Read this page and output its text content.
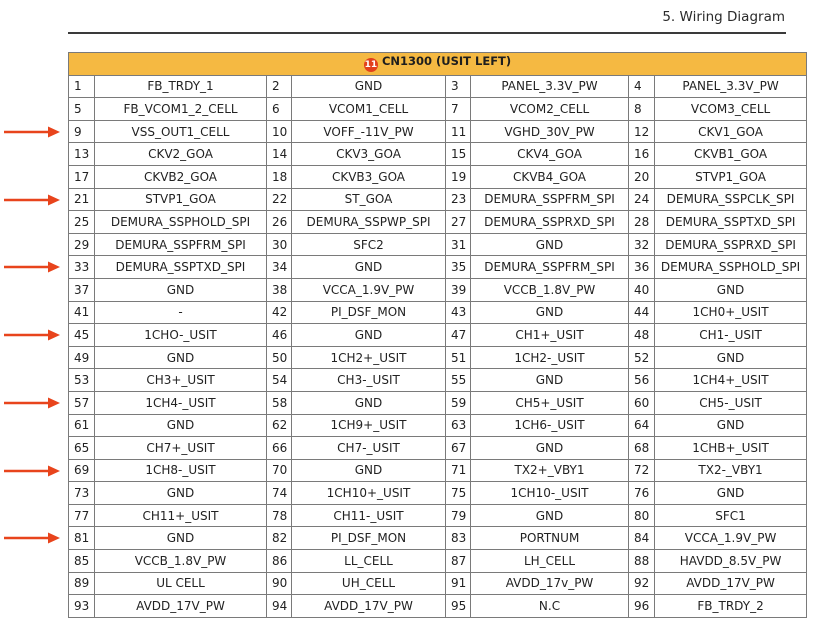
5. Wiring Diagram
11 CN1300 (USIT LEFT)							
1	FB_TRDY_1	2	GND	3	PANEL_3.3V_PW	4	PANEL_3.3V_PW
5	FB_VCOM1_2_CELL	6	VCOM1_CELL	7	VCOM2_CELL	8	VCOM3_CELL
9	VSS_OUT1_CELL	10	VOFF_-11V_PW	11	VGHD_30V_PW	12	CKV1_GOA
13	CKV2_GOA	14	CKV3_GOA	15	CKV4_GOA	16	CKVB1_GOA
17	CKVB2_GOA	18	CKVB3_GOA	19	CKVB4_GOA	20	STVP1_GOA
21	STVP1_GOA	22	ST_GOA	23	DEMURA_SSPFRM_SPI	24	DEMURA_SSPCLK_SPI
25	DEMURA_SSPHOLD_SPI	26	DEMURA_SSPWP_SPI	27	DEMURA_SSPRXD_SPI	28	DEMURA_SSPTXD_SPI
29	DEMURA_SSPFRM_SPI	30	SFC2	31	GND	32	DEMURA_SSPRXD_SPI
33	DEMURA_SSPTXD_SPI	34	GND	35	DEMURA_SSPFRM_SPI	36	DEMURA_SSPHOLD_SPI
37	GND	38	VCCA_1.9V_PW	39	VCCB_1.8V_PW	40	GND
41	-	42	PI_DSF_MON	43	GND	44	1CH0+_USIT
45	1CHO-_USIT	46	GND	47	CH1+_USIT	48	CH1-_USIT
49	GND	50	1CH2+_USIT	51	1CH2-_USIT	52	GND
53	CH3+_USIT	54	CH3-_USIT	55	GND	56	1CH4+_USIT
57	1CH4-_USIT	58	GND	59	CH5+_USIT	60	CH5-_USIT
61	GND	62	1CH9+_USIT	63	1CH6-_USIT	64	GND
65	CH7+_USIT	66	CH7-_USIT	67	GND	68	1CHB+_USIT
69	1CH8-_USIT	70	GND	71	TX2+_VBY1	72	TX2-_VBY1
73	GND	74	1CH10+_USIT	75	1CH10-_USIT	76	GND
77	CH11+_USIT	78	CH11-_USIT	79	GND	80	SFC1
81	GND	82	PI_DSF_MON	83	PORTNUM	84	VCCA_1.9V_PW
85	VCCB_1.8V_PW	86	LL_CELL	87	LH_CELL	88	HAVDD_8.5V_PW
89	UL CELL	90	UH_CELL	91	AVDD_17v_PW	92	AVDD_17V_PW
93	AVDD_17V_PW	94	AVDD_17V_PW	95	N.C	96	FB_TRDY_2
